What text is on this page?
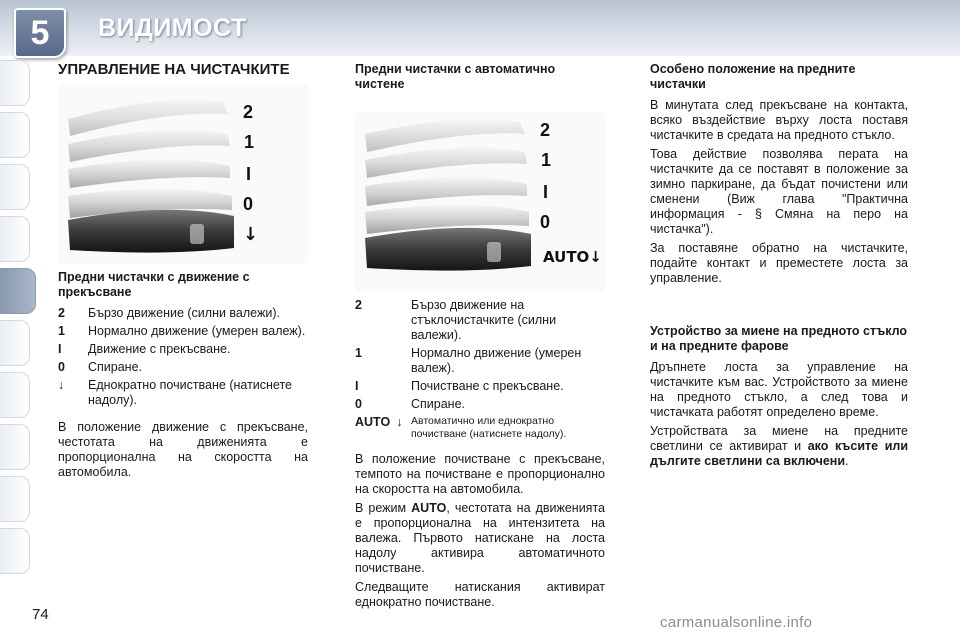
5	ВИДИМОСТ
УПРАВЛЕНИЕ НА ЧИСТАЧКИТЕ
2
1
I
0
↓
Предни чистачки с движение с прекъсване
2	Бързо движение (силни валежи).
1	Нормално движение (умерен валеж).
I	Движение с прекъсване.
0	Спиране.
↓	Еднократно почистване (натиснете надолу).

В положение движение с прекъсване, честотата на движенията е пропорционална на скоростта на автомобила.

Предни чистачки с автоматично чистене
2
1
I
0
AUTO↓
2	Бързо движение на стъклочистачките (силни валежи).
1	Нормално движение (умерен валеж).
I	Почистване с прекъсване.
0	Спиране.
AUTO ↓ Автоматично или еднократно почистване (натиснете надолу).

В положение почистване с прекъсване, темпото на почистване е пропорционално на скоростта на автомобила.

В режим AUTO, честотата на движенията е пропорционална на интензитета на валежа. Първото натискане на лоста надолу активира автоматичното почистване.

Следващите натискания активират еднократно почистване.

Особено положение на предните чистачки

В минутата след прекъсване на контакта, всяко въздействие върху лоста поставя чистачките в средата на предното стъкло.

Това действие позволява перата на чистачките да се поставят в положение за зимно паркиране, да бъдат почистени или сменени (Виж глава "Практична информация - § Смяна на перо на чистачка").

За поставяне обратно на чистачките, подайте контакт и преместете лоста за управление.

Устройство за миене на предното стъкло и на предните фарове

Дръпнете лоста за управление на чистачките към вас. Устройството за миене на предното стъкло, а след това и чистачката работят определено време.

Устройствата за миене на предните светлини се активират и ако късите или дългите светлини са включени.

74	carmanualsonline.info
